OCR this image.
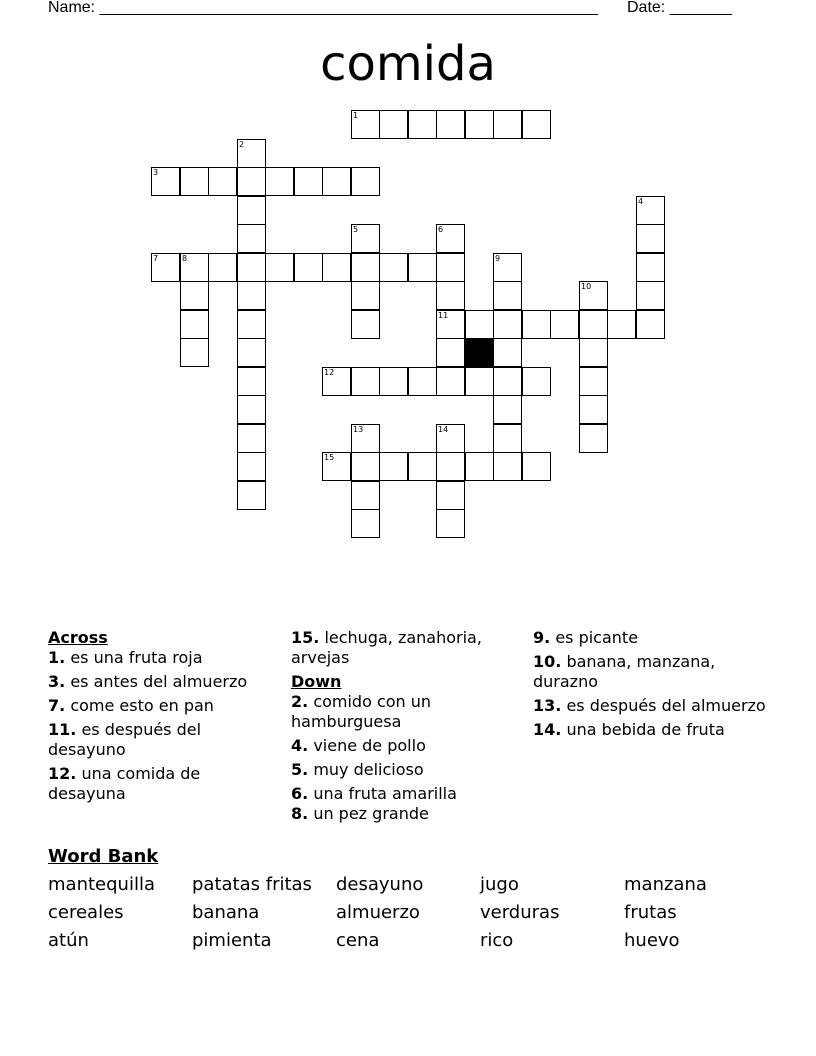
Name: ________________________________________________________ Date: _______
comida
1
2
3
4
5	6
7	8	9
10
11
12
13	14
15

Across

1. es una fruta roja
3. es antes del almuerzo
7. come esto en pan
11. es después del desayuno
12. una comida de desayuna
15. lechuga, zanahoria, arvejas

Down

2. comido con un hamburguesa
4. viene de pollo
5. muy delicioso
6. una fruta amarilla
8. un pez grande
9. es picante
10. banana, manzana, durazno
13. es después del almuerzo
14. una bebida de fruta
Word Bank
mantequilla	patatas fritas	desayuno	jugo	manzana
cereales	banana	almuerzo	verduras	frutas
atún	pimienta	cena	rico	huevo
